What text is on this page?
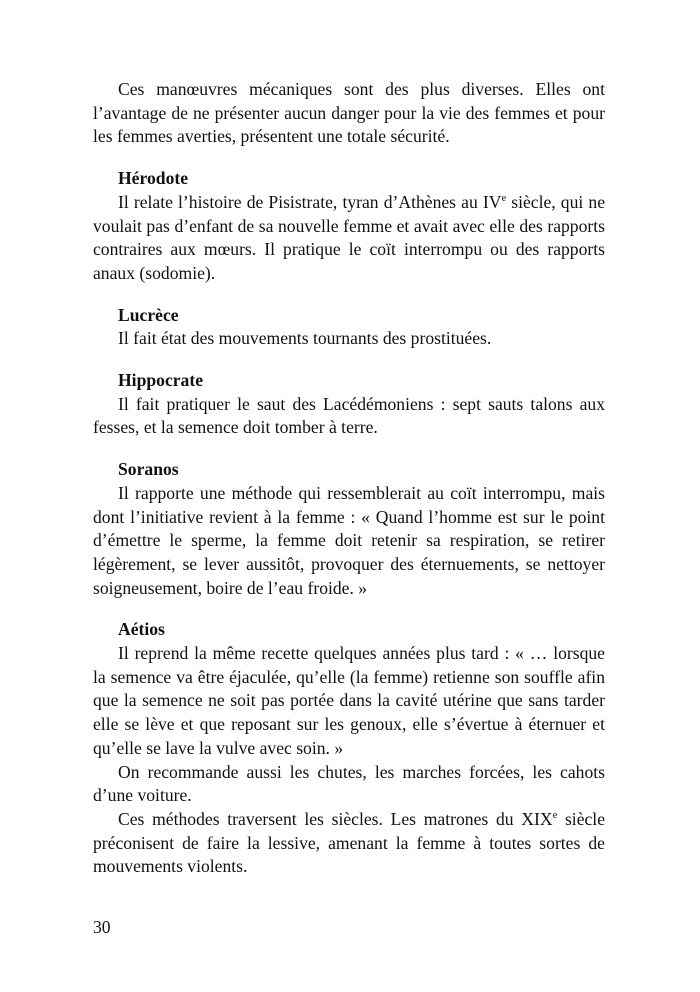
Ces manœuvres mécaniques sont des plus diverses. Elles ont l’avantage de ne présenter aucun danger pour la vie des femmes et pour les femmes averties, présentent une totale sécurité.

Hérodote

Il relate l’histoire de Pisistrate, tyran d’Athènes au IVe siècle, qui ne voulait pas d’enfant de sa nouvelle femme et avait avec elle des rapports contraires aux mœurs. Il pratique le coït interrompu ou des rapports anaux (sodomie).

Lucrèce

Il fait état des mouvements tournants des prostituées.

Hippocrate

Il fait pratiquer le saut des Lacédémoniens : sept sauts talons aux fesses, et la semence doit tomber à terre.

Soranos

Il rapporte une méthode qui ressemblerait au coït interrompu, mais dont l’initiative revient à la femme : « Quand l’homme est sur le point d’émettre le sperme, la femme doit retenir sa respiration, se retirer légèrement, se lever aussitôt, provoquer des éternuements, se nettoyer soigneusement, boire de l’eau froide. »

Aétios

Il reprend la même recette quelques années plus tard : « … lorsque la semence va être éjaculée, qu’elle (la femme) retienne son souffle afin que la semence ne soit pas portée dans la cavité utérine que sans tarder elle se lève et que reposant sur les genoux, elle s’évertue à éternuer et qu’elle se lave la vulve avec soin. »

On recommande aussi les chutes, les marches forcées, les cahots d’une voiture.

Ces méthodes traversent les siècles. Les matrones du XIXe siècle préconisent de faire la lessive, amenant la femme à toutes sortes de mouvements violents.

30
